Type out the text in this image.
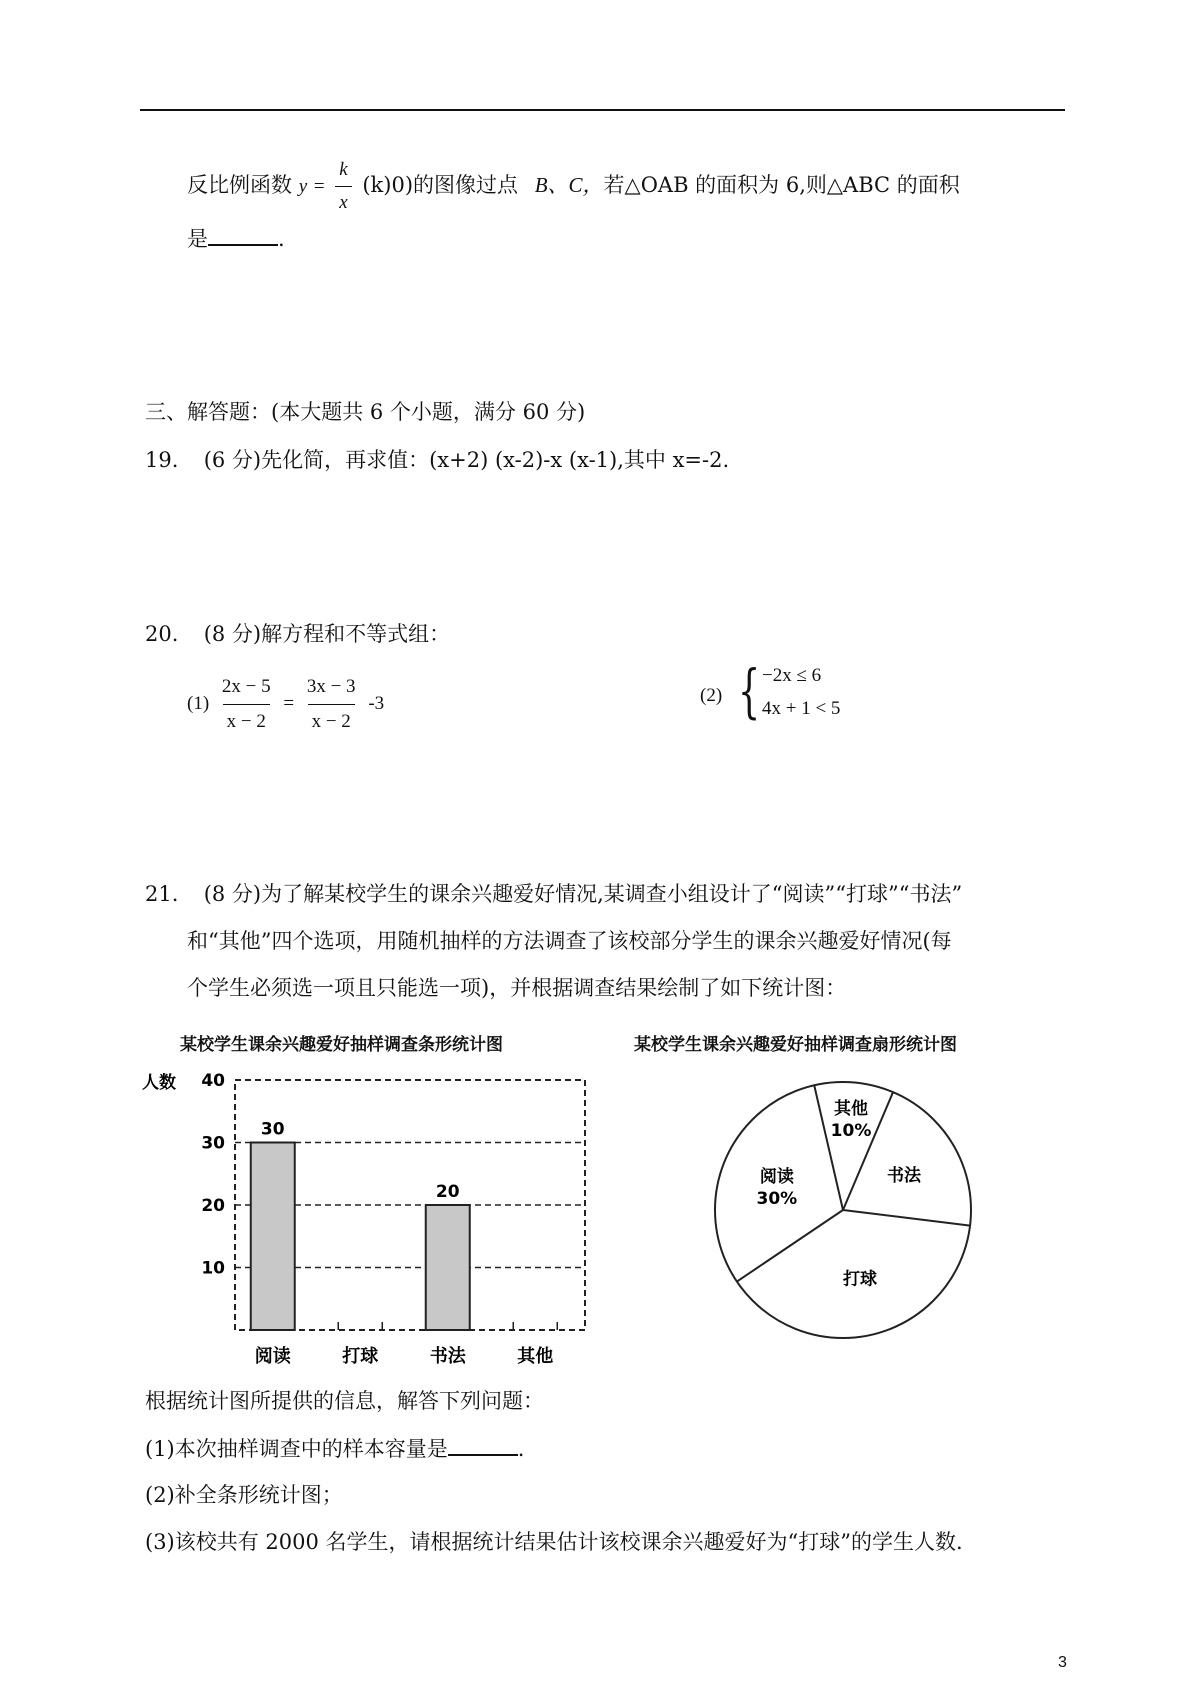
反比例函数 $y = \frac{k}{x} (k)0$)的图像过点 B、C，若△OAB 的面积为 6,则△ABC 的面积
是	.
三、解答题：(本大题共 6 个小题，满分 60 分)
19. (6 分)先化简，再求值：(x+2) (x-2)-x (x-1),其中 x=-2.
20. (8 分)解方程和不等式组：
$(1) \frac{2x - 5}{x - 2} = \frac{3x - 3}{x - 2} -3$	(2) { −2x ≤ 6
4x + 1 < 5
21. (8 分)为了解某校学生的课余兴趣爱好情况,某调查小组设计了“阅读”“打球”“书法”
和“其他”四个选项，用随机抽样的方法调查了该校部分学生的课余兴趣爱好情况(每
个学生必须选一项且只能选一项)，并根据调查结果绘制了如下统计图：
某校学生课余兴趣爱好抽样调查条形统计图	某校学生课余兴趣爱好抽样调查扇形统计图
人数
10
20
30
40
30
阅读	打球
20
书法	其他
其他
10%
书法
打球
阅读
30%
根据统计图所提供的信息，解答下列问题：
(1)本次抽样调查中的样本容量是	.
(2)补全条形统计图；
(3)该校共有 2000 名学生，请根据统计结果估计该校课余兴趣爱好为“打球”的学生人数.
3
